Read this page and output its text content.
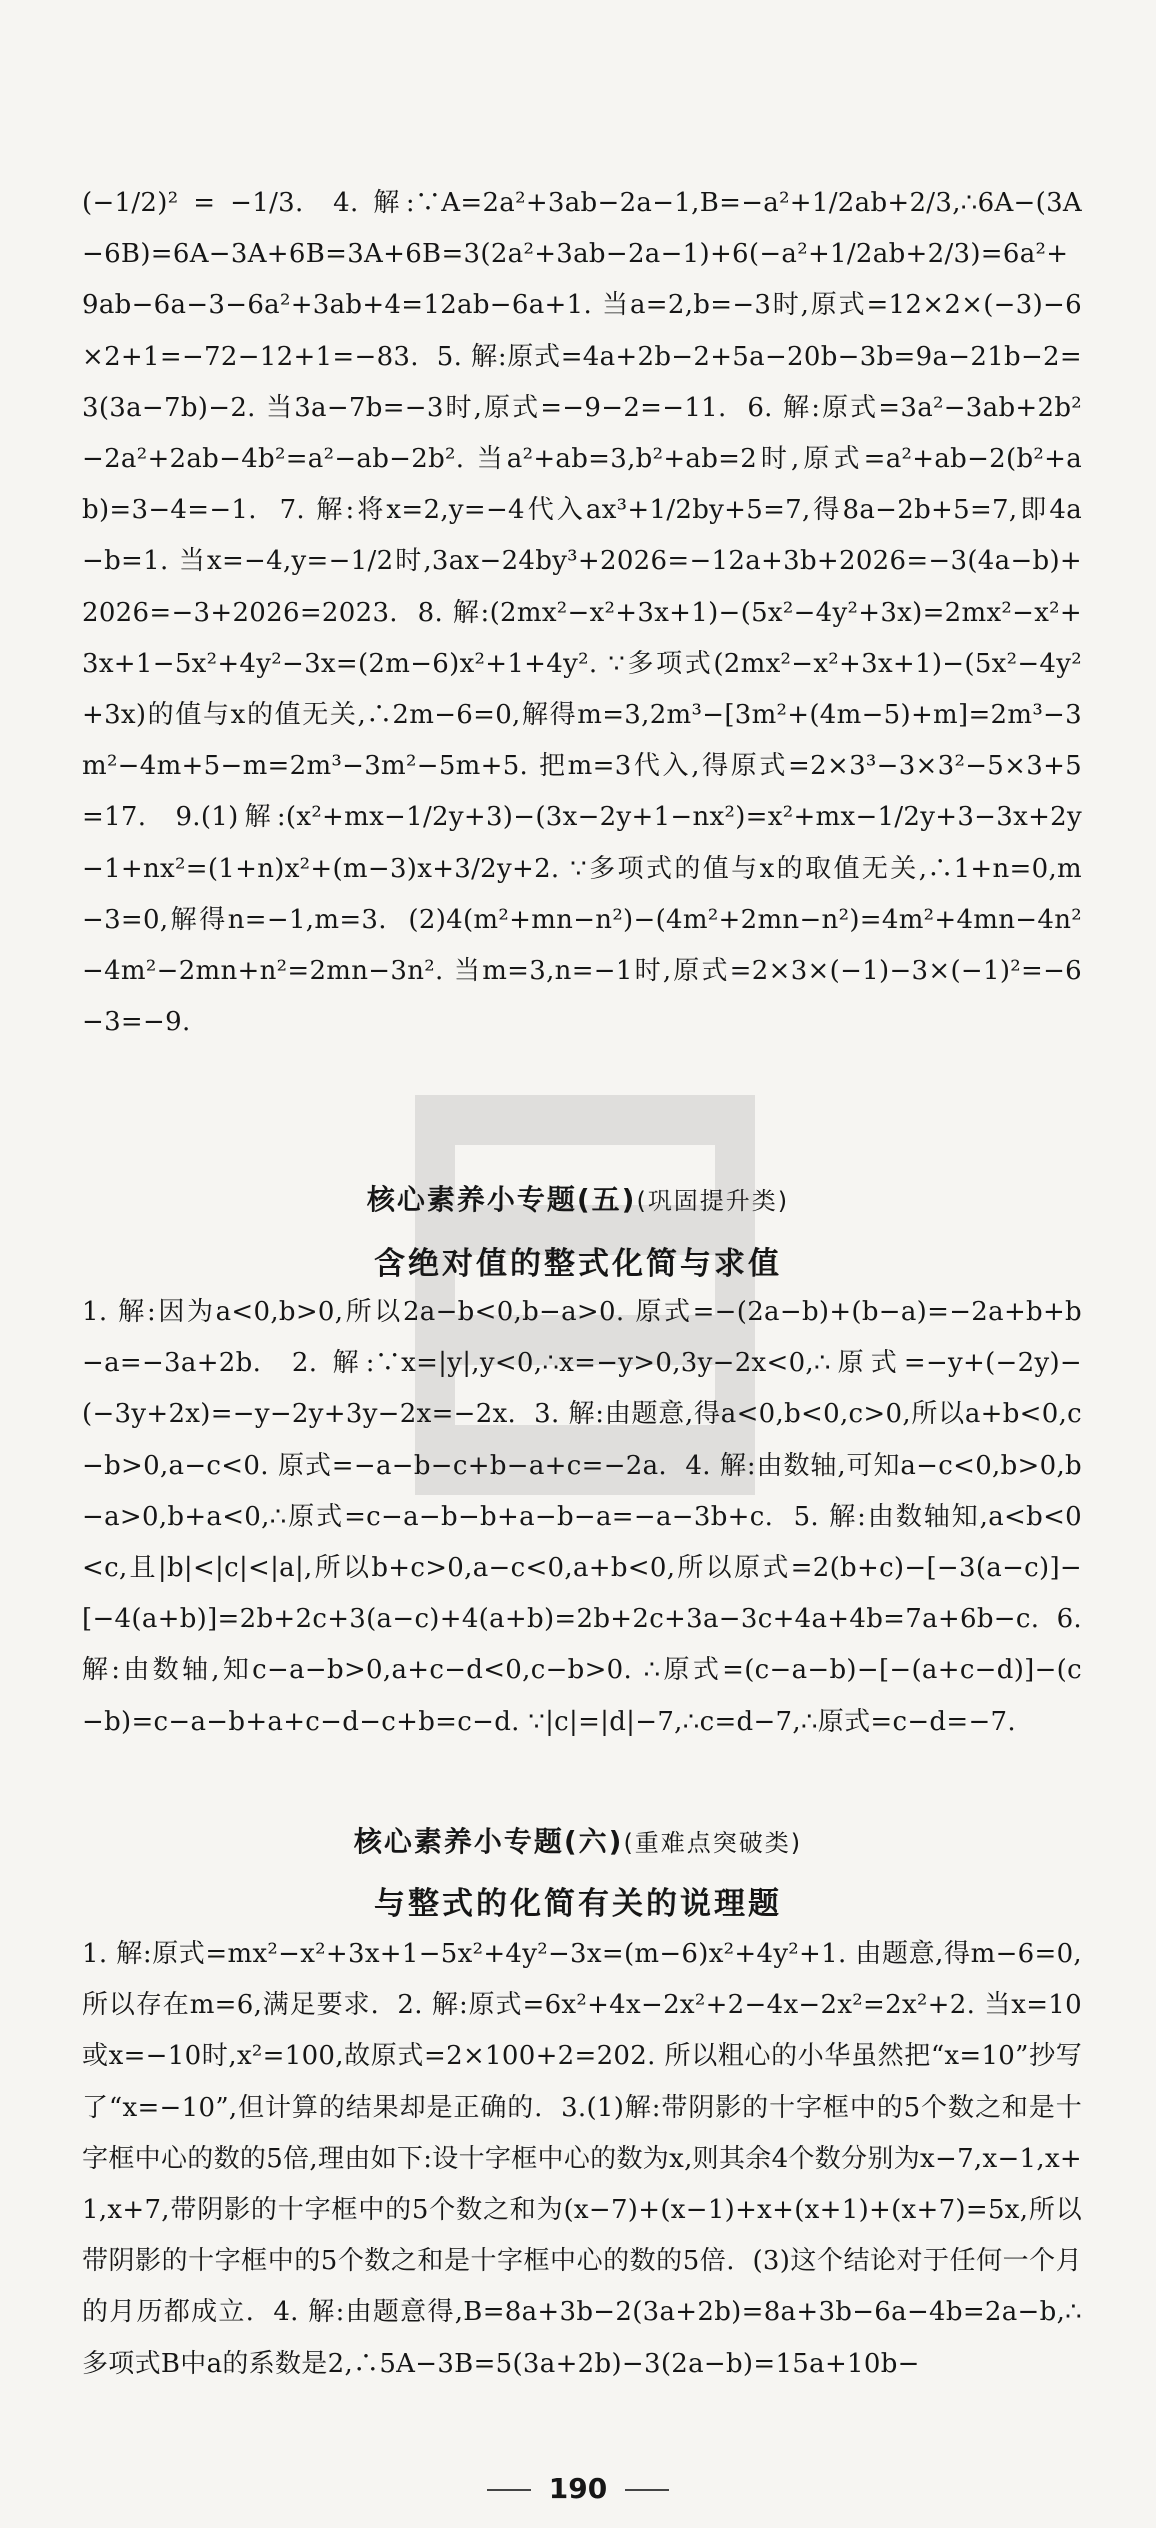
(−1/2)² = −1/3.  4. 解:∵A=2a²+3ab−2a−1,B=−a²+1/2ab+2/3,∴6A−(3A−6B)=6A−3A+6B=3A+6B=3(2a²+3ab−2a−1)+6(−a²+1/2ab+2/3)=6a²+9ab−6a−3−6a²+3ab+4=12ab−6a+1. 当a=2,b=−3时,原式=12×2×(−3)−6×2+1=−72−12+1=−83.  5. 解:原式=4a+2b−2+5a−20b−3b=9a−21b−2=3(3a−7b)−2. 当3a−7b=−3时,原式=−9−2=−11.  6. 解:原式=3a²−3ab+2b²−2a²+2ab−4b²=a²−ab−2b². 当a²+ab=3,b²+ab=2时,原式=a²+ab−2(b²+ab)=3−4=−1.  7. 解:将x=2,y=−4代入ax³+1/2by+5=7,得8a−2b+5=7,即4a−b=1. 当x=−4,y=−1/2时,3ax−24by³+2026=−12a+3b+2026=−3(4a−b)+2026=−3+2026=2023.  8. 解:(2mx²−x²+3x+1)−(5x²−4y²+3x)=2mx²−x²+3x+1−5x²+4y²−3x=(2m−6)x²+1+4y². ∵多项式(2mx²−x²+3x+1)−(5x²−4y²+3x)的值与x的值无关,∴2m−6=0,解得m=3,2m³−[3m²+(4m−5)+m]=2m³−3m²−4m+5−m=2m³−3m²−5m+5. 把m=3代入,得原式=2×3³−3×3²−5×3+5=17.  9.(1)解:(x²+mx−1/2y+3)−(3x−2y+1−nx²)=x²+mx−1/2y+3−3x+2y−1+nx²=(1+n)x²+(m−3)x+3/2y+2. ∵多项式的值与x的取值无关,∴1+n=0,m−3=0,解得n=−1,m=3.  (2)4(m²+mn−n²)−(4m²+2mn−n²)=4m²+4mn−4n²−4m²−2mn+n²=2mn−3n². 当m=3,n=−1时,原式=2×3×(−1)−3×(−1)²=−6−3=−9.

核心素养小专题(五)(巩固提升类)
含绝对值的整式化简与求值

1. 解:因为a<0,b>0,所以2a−b<0,b−a>0. 原式=−(2a−b)+(b−a)=−2a+b+b−a=−3a+2b.  2. 解:∵x=|y|,y<0,∴x=−y>0,3y−2x<0,∴原式=−y+(−2y)−(−3y+2x)=−y−2y+3y−2x=−2x.  3. 解:由题意,得a<0,b<0,c>0,所以a+b<0,c−b>0,a−c<0. 原式=−a−b−c+b−a+c=−2a.  4. 解:由数轴,可知a−c<0,b>0,b−a>0,b+a<0,∴原式=c−a−b−b+a−b−a=−a−3b+c.  5. 解:由数轴知,a<b<0<c,且|b|<|c|<|a|,所以b+c>0,a−c<0,a+b<0,所以原式=2(b+c)−[−3(a−c)]−[−4(a+b)]=2b+2c+3(a−c)+4(a+b)=2b+2c+3a−3c+4a+4b=7a+6b−c.  6. 解:由数轴,知c−a−b>0,a+c−d<0,c−b>0. ∴原式=(c−a−b)−[−(a+c−d)]−(c−b)=c−a−b+a+c−d−c+b=c−d. ∵|c|=|d|−7,∴c=d−7,∴原式=c−d=−7.

核心素养小专题(六)(重难点突破类)
与整式的化简有关的说理题

1. 解:原式=mx²−x²+3x+1−5x²+4y²−3x=(m−6)x²+4y²+1. 由题意,得m−6=0,所以存在m=6,满足要求.  2. 解:原式=6x²+4x−2x²+2−4x−2x²=2x²+2. 当x=10或x=−10时,x²=100,故原式=2×100+2=202. 所以粗心的小华虽然把“x=10”抄写了“x=−10”,但计算的结果却是正确的.  3.(1)解:带阴影的十字框中的5个数之和是十字框中心的数的5倍,理由如下:设十字框中心的数为x,则其余4个数分别为x−7,x−1,x+1,x+7,带阴影的十字框中的5个数之和为(x−7)+(x−1)+x+(x+1)+(x+7)=5x,所以带阴影的十字框中的5个数之和是十字框中心的数的5倍.  (3)这个结论对于任何一个月的月历都成立.  4. 解:由题意得,B=8a+3b−2(3a+2b)=8a+3b−6a−4b=2a−b,∴多项式B中a的系数是2,∴5A−3B=5(3a+2b)−3(2a−b)=15a+10b−

190
